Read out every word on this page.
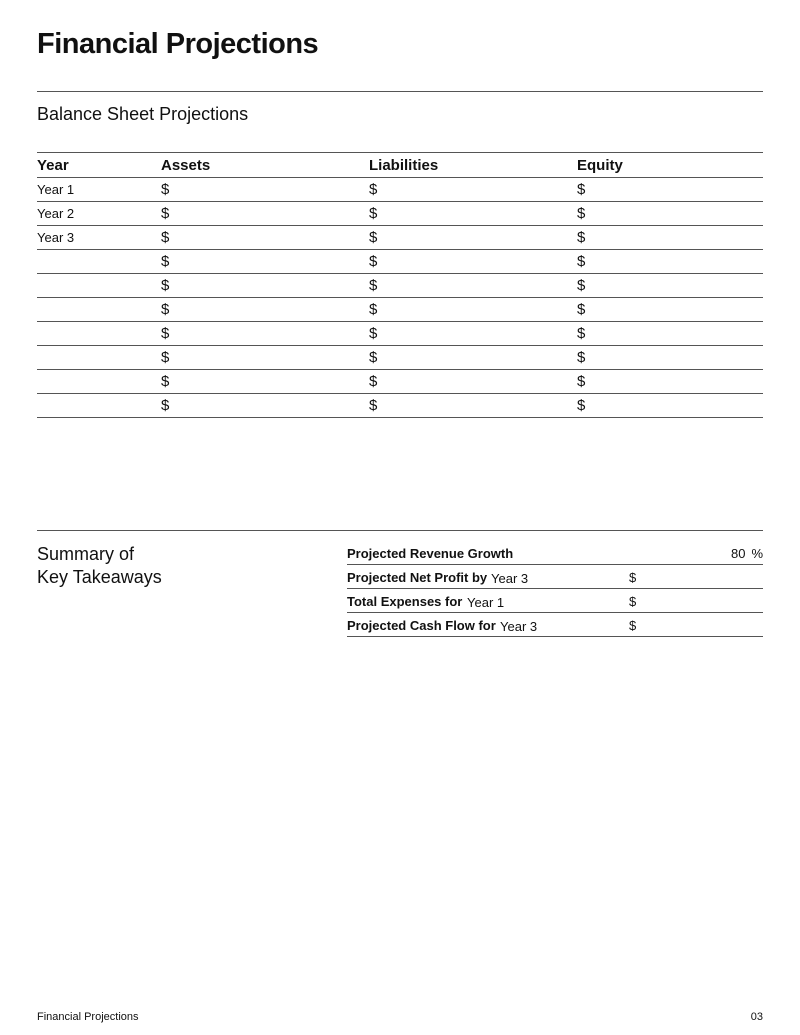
Financial Projections
Balance Sheet Projections
Year	Assets	Liabilities	Equity
Year 1	$	$	$
Year 2	$	$	$
Year 3	$	$	$
	$	$	$
	$	$	$
	$	$	$
	$	$	$
	$	$	$
	$	$	$
	$	$	$
Summary of
Key Takeaways
Projected Revenue Growth	80 %
Projected Net Profit by Year 3	$
Total Expenses for Year 1	$
Projected Cash Flow for Year 3	$
Financial Projections	03
